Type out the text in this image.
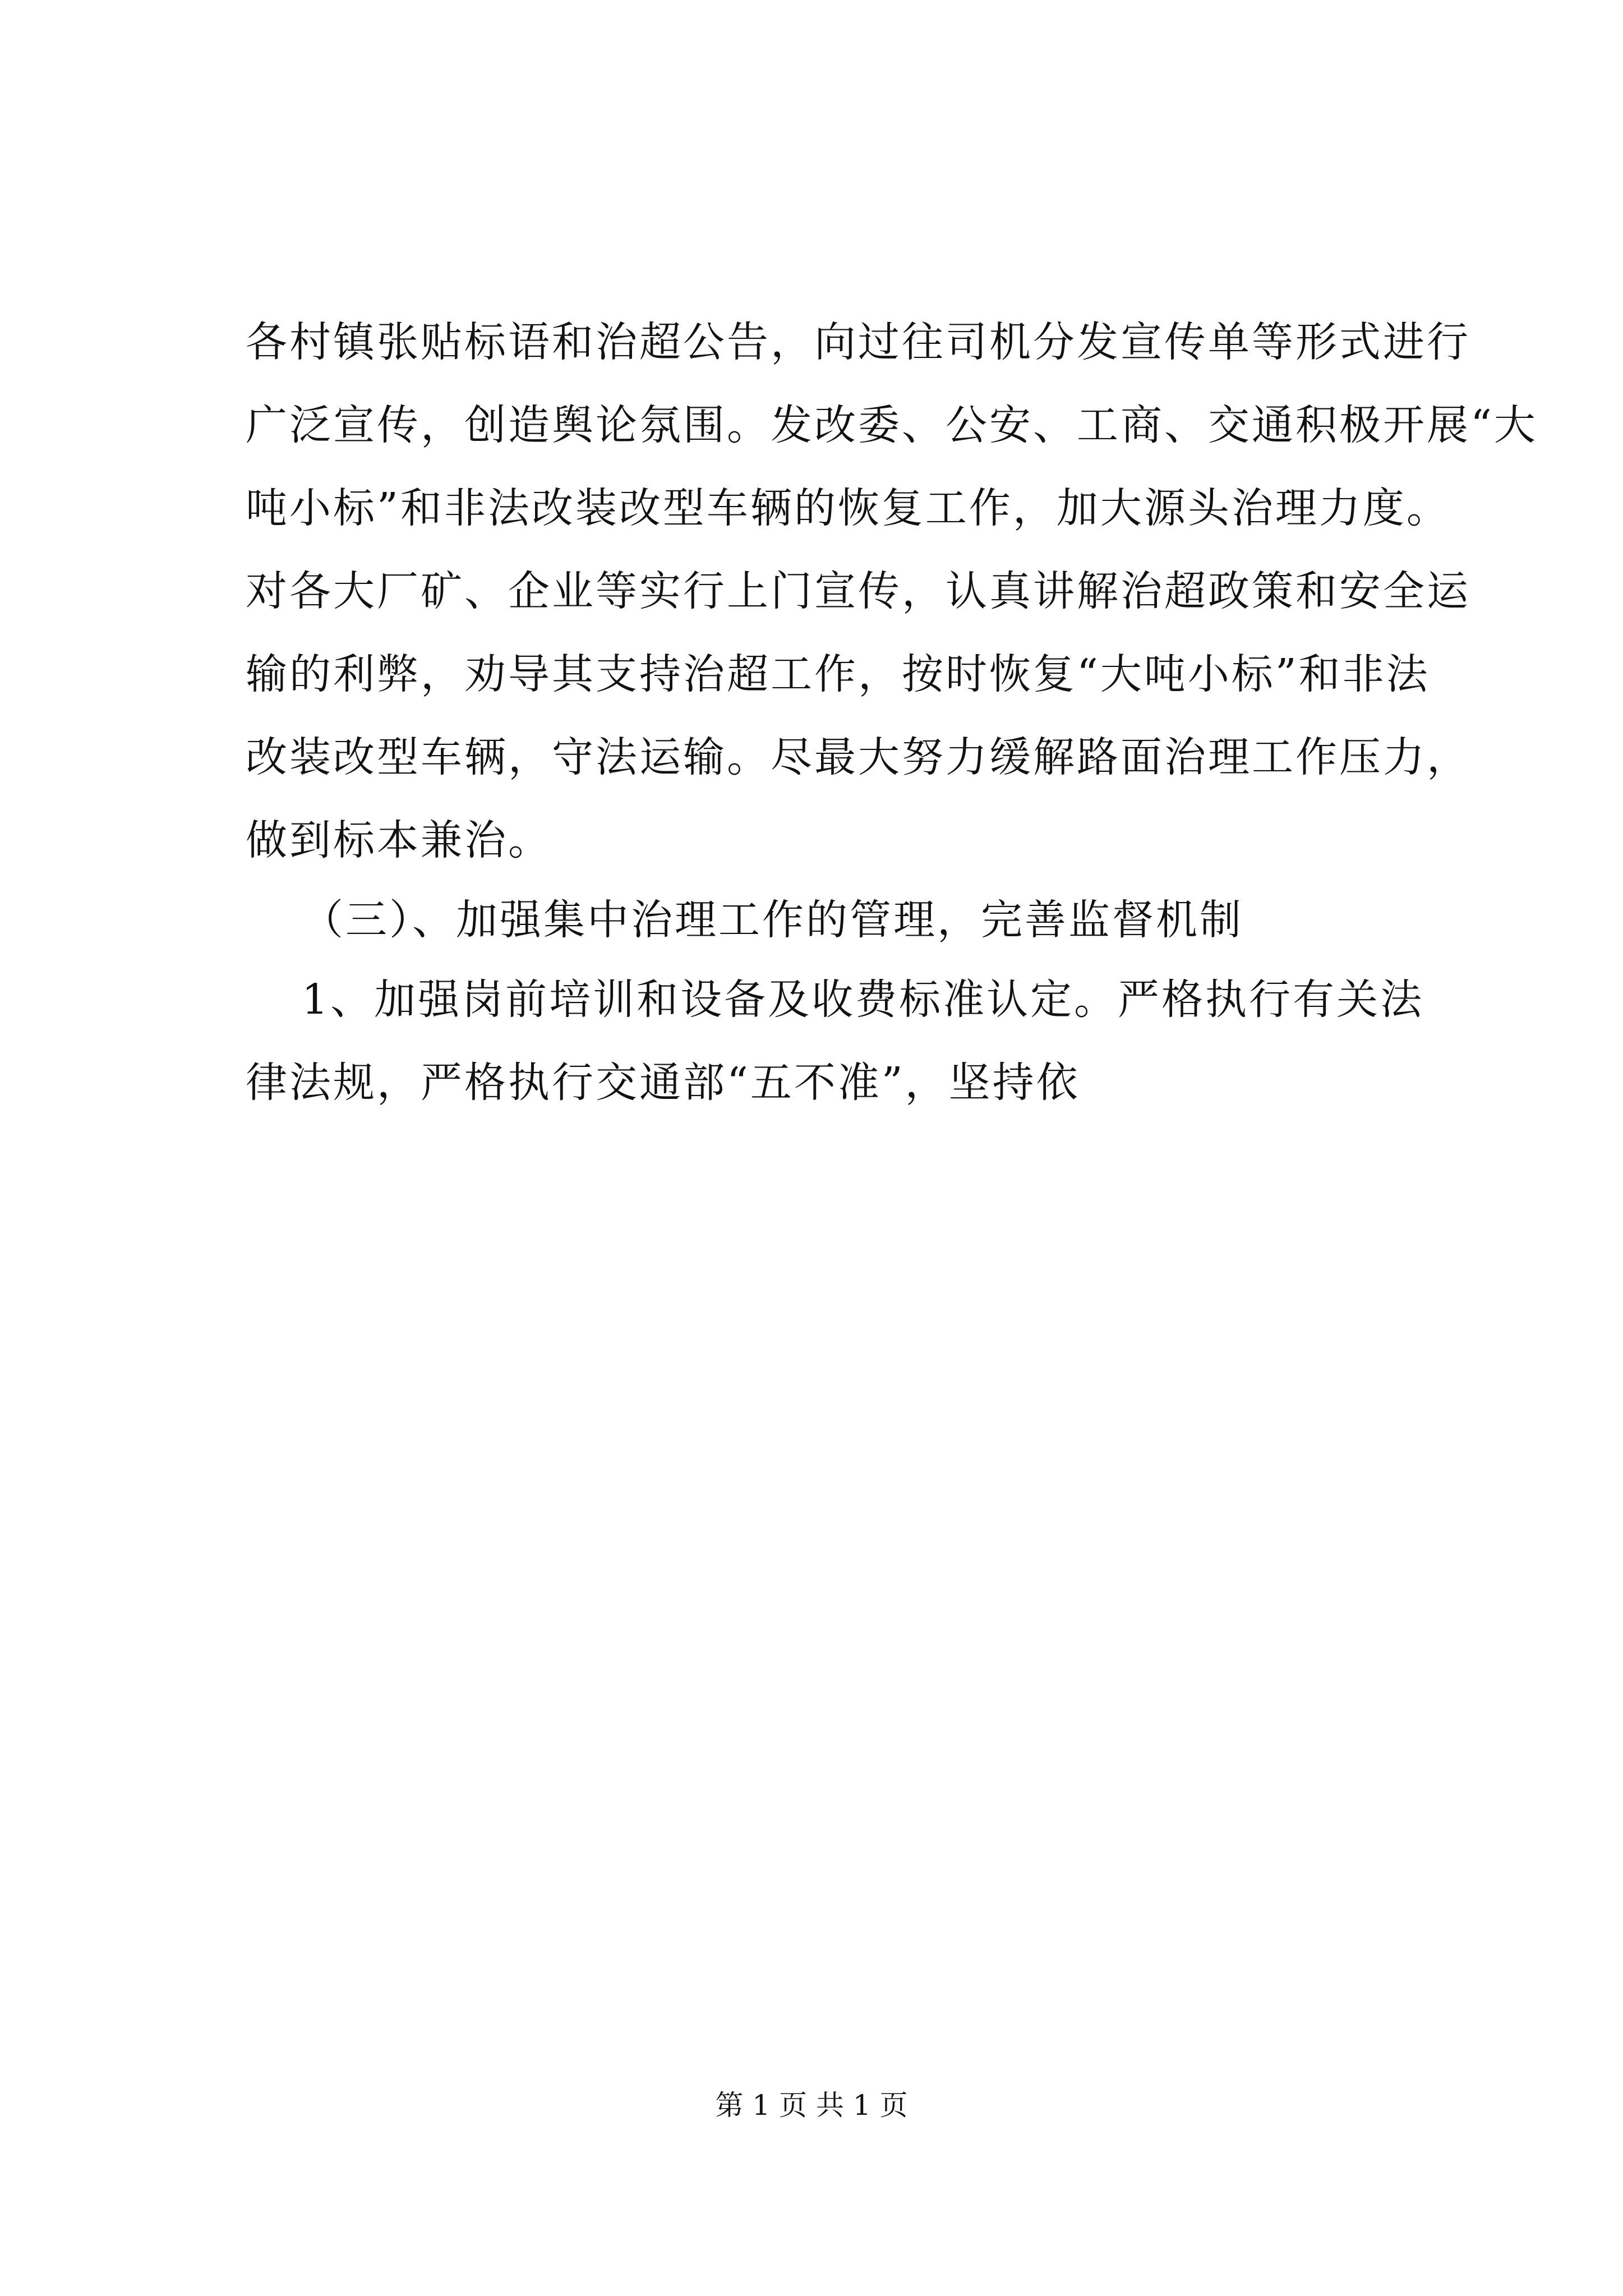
各村镇张贴标语和治超公告，向过往司机分发宣传单等形式进行
广泛宣传，创造舆论氛围。发改委、公安、工商、交通积极开展“大
吨小标”和非法改装改型车辆的恢复工作，加大源头治理力度。
对各大厂矿、企业等实行上门宣传，认真讲解治超政策和安全运
输的利弊，劝导其支持治超工作，按时恢复“大吨小标”和非法
改装改型车辆，守法运输。尽最大努力缓解路面治理工作压力，
做到标本兼治。
（三）、加强集中治理工作的管理，完善监督机制
1、加强岗前培训和设备及收费标准认定。严格执行有关法
律法规，严格执行交通部“五不准”，坚持依
第 1 页 共 1 页
